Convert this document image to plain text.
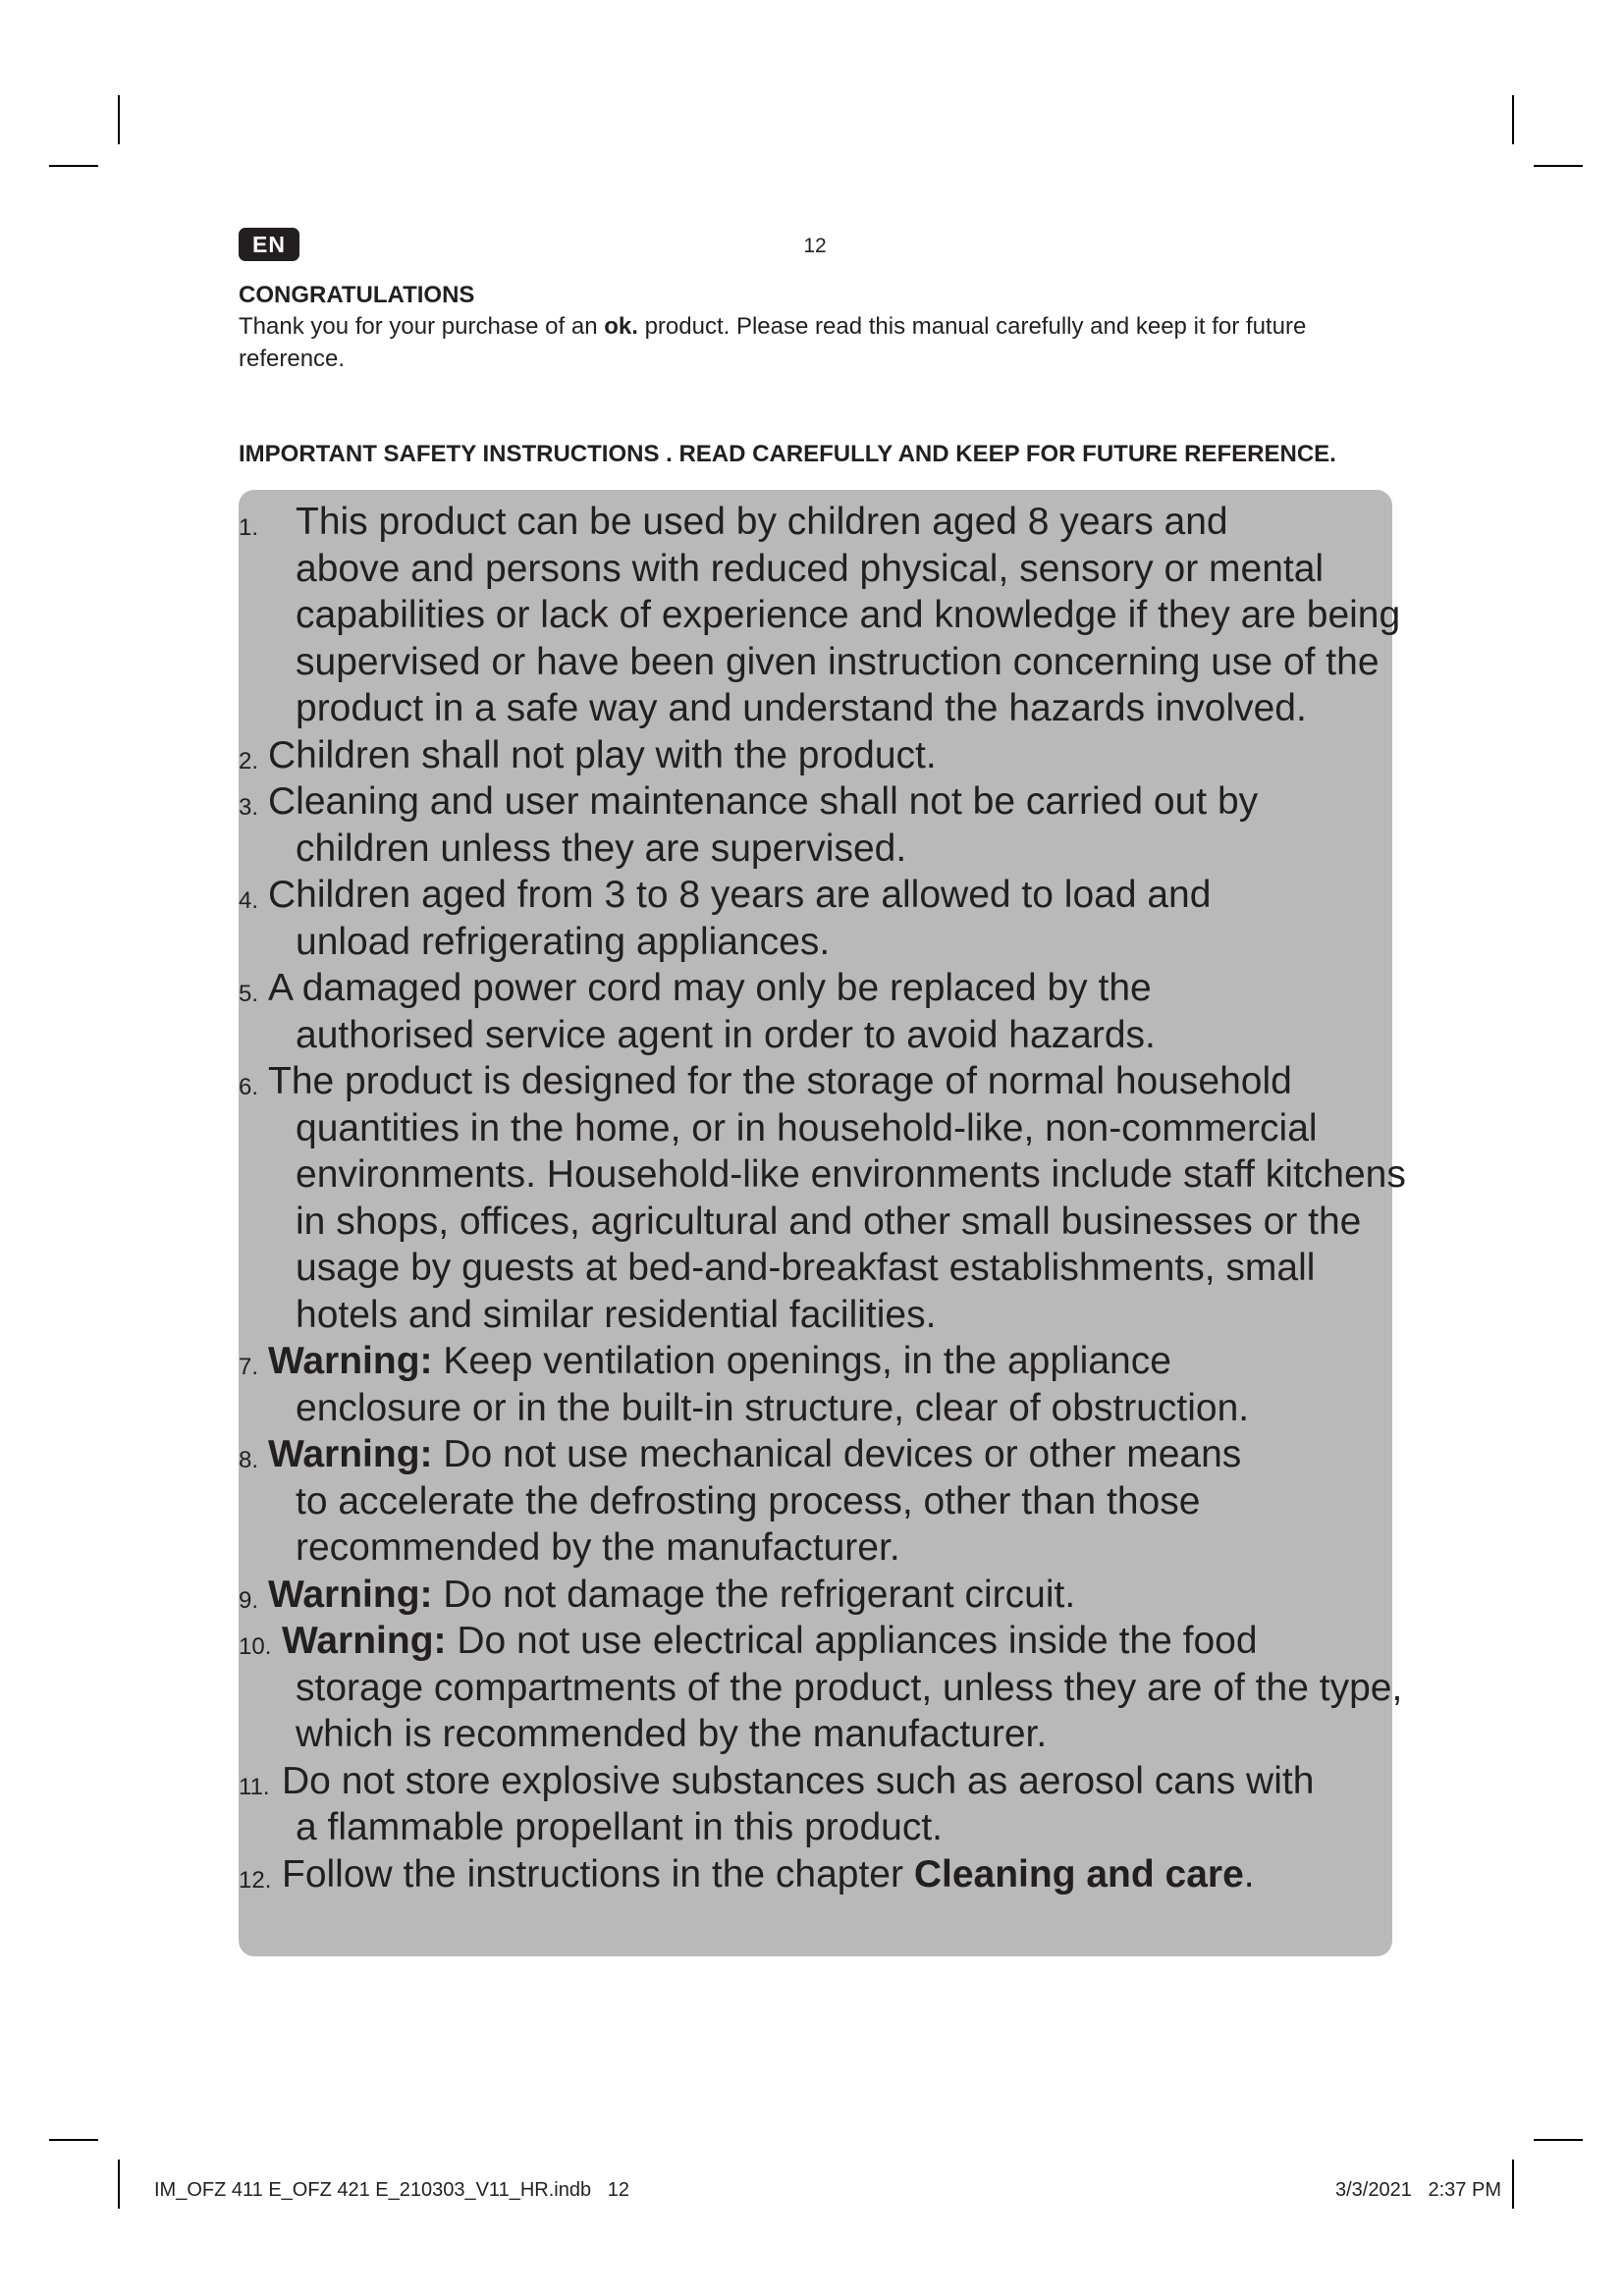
EN	12
CONGRATULATIONS
Thank you for your purchase of an ok. product. Please read this manual carefully and keep it for future reference.
IMPORTANT SAFETY INSTRUCTIONS . READ CAREFULLY AND KEEP FOR FUTURE REFERENCE.
1. This product can be used by children aged 8 years and
above and persons with reduced physical, sensory or mental capabilities or lack of experience and knowledge if they are being supervised or have been given instruction concerning use of the product in a safe way and understand the hazards involved.
2. Children shall not play with the product.
3. Cleaning and user maintenance shall not be carried out by
children unless they are supervised.
4. Children aged from 3 to 8 years are allowed to load and
unload refrigerating appliances.
5. A damaged power cord may only be replaced by the
authorised service agent in order to avoid hazards.
6. The product is designed for the storage of normal household
quantities in the home, or in household-like, non-commercial environments. Household-like environments include staff kitchens in shops, offices, agricultural and other small businesses or the usage by guests at bed-and-breakfast establishments, small hotels and similar residential facilities.
7. Warning: Keep ventilation openings, in the appliance
enclosure or in the built-in structure, clear of obstruction.
8. Warning: Do not use mechanical devices or other means
to accelerate the defrosting process, other than those recommended by the manufacturer.
9. Warning: Do not damage the refrigerant circuit.
10. Warning: Do not use electrical appliances inside the food
storage compartments of the product, unless they are of the type, which is recommended by the manufacturer.
11. Do not store explosive substances such as aerosol cans with
a flammable propellant in this product.
12. Follow the instructions in the chapter Cleaning and care.
IM_OFZ 411 E_OFZ 421 E_210303_V11_HR.indb   12	3/3/2021   2:37 PM
